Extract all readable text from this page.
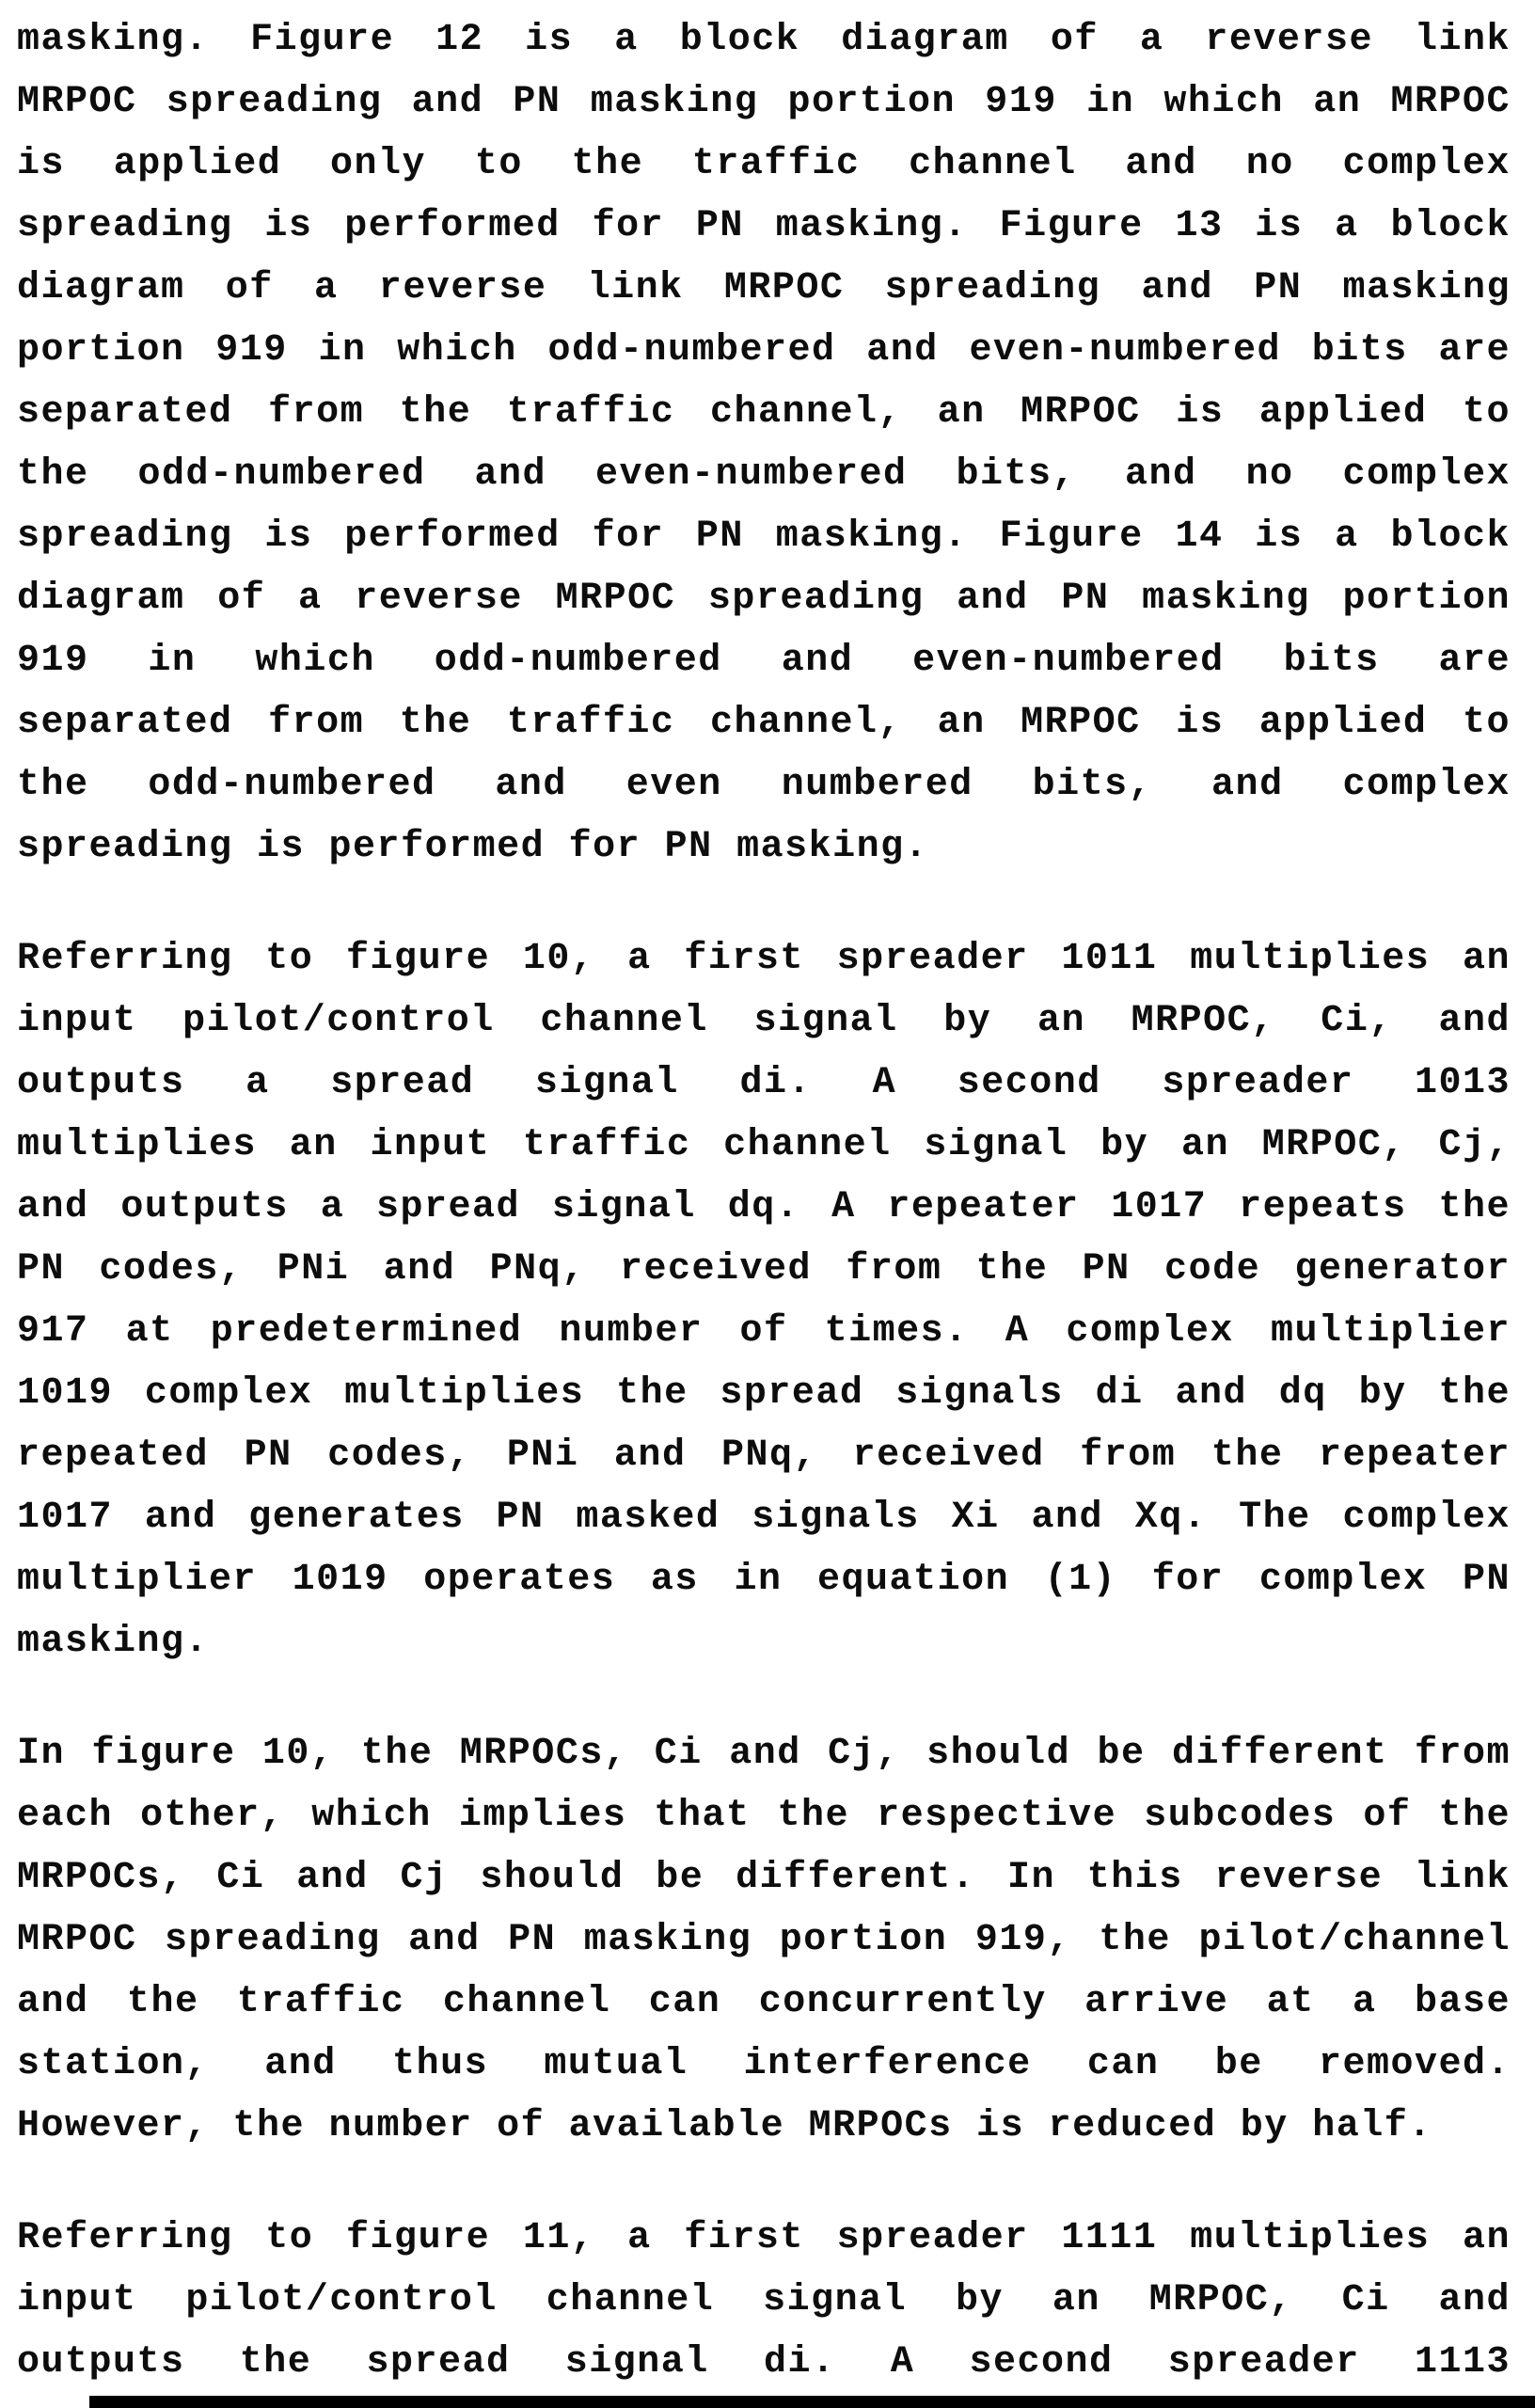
masking. Figure 12 is a block diagram of a reverse link
MRPOC spreading and PN masking portion 919 in which an MRPOC
is applied only to the traffic channel and no complex
spreading is performed for PN masking. Figure 13 is a block
diagram of a reverse link MRPOC spreading and PN masking
portion 919 in which odd-numbered and even-numbered bits are
separated from the traffic channel, an MRPOC is applied to
the odd-numbered and even-numbered bits, and no complex
spreading is performed for PN masking. Figure 14 is a block
diagram of a reverse MRPOC spreading and PN masking portion
919 in which odd-numbered and even-numbered bits are
separated from the traffic channel, an MRPOC is applied to
the odd-numbered and even numbered bits, and complex
spreading is performed for PN masking.
Referring to figure 10, a first spreader 1011 multiplies an
input pilot/control channel signal by an MRPOC, Ci, and
outputs a spread signal di. A second spreader 1013
multiplies an input traffic channel signal by an MRPOC, Cj,
and outputs a spread signal dq. A repeater 1017 repeats the
PN codes, PNi and PNq, received from the PN code generator
917 at predetermined number of times. A complex multiplier
1019 complex multiplies the spread signals di and dq by the
repeated PN codes, PNi and PNq, received from the repeater
1017 and generates PN masked signals Xi and Xq. The complex
multiplier 1019 operates as in equation (1) for complex PN
masking.
In figure 10, the MRPOCs, Ci and Cj, should be different from
each other, which implies that the respective subcodes of the
MRPOCs, Ci and Cj should be different. In this reverse link
MRPOC spreading and PN masking portion 919, the pilot/channel
and the traffic channel can concurrently arrive at a base
station, and thus mutual interference can be removed.
However, the number of available MRPOCs is reduced by half.
Referring to figure 11, a first spreader 1111 multiplies an
input pilot/control channel signal by an MRPOC, Ci and
outputs the spread signal di. A second spreader 1113
